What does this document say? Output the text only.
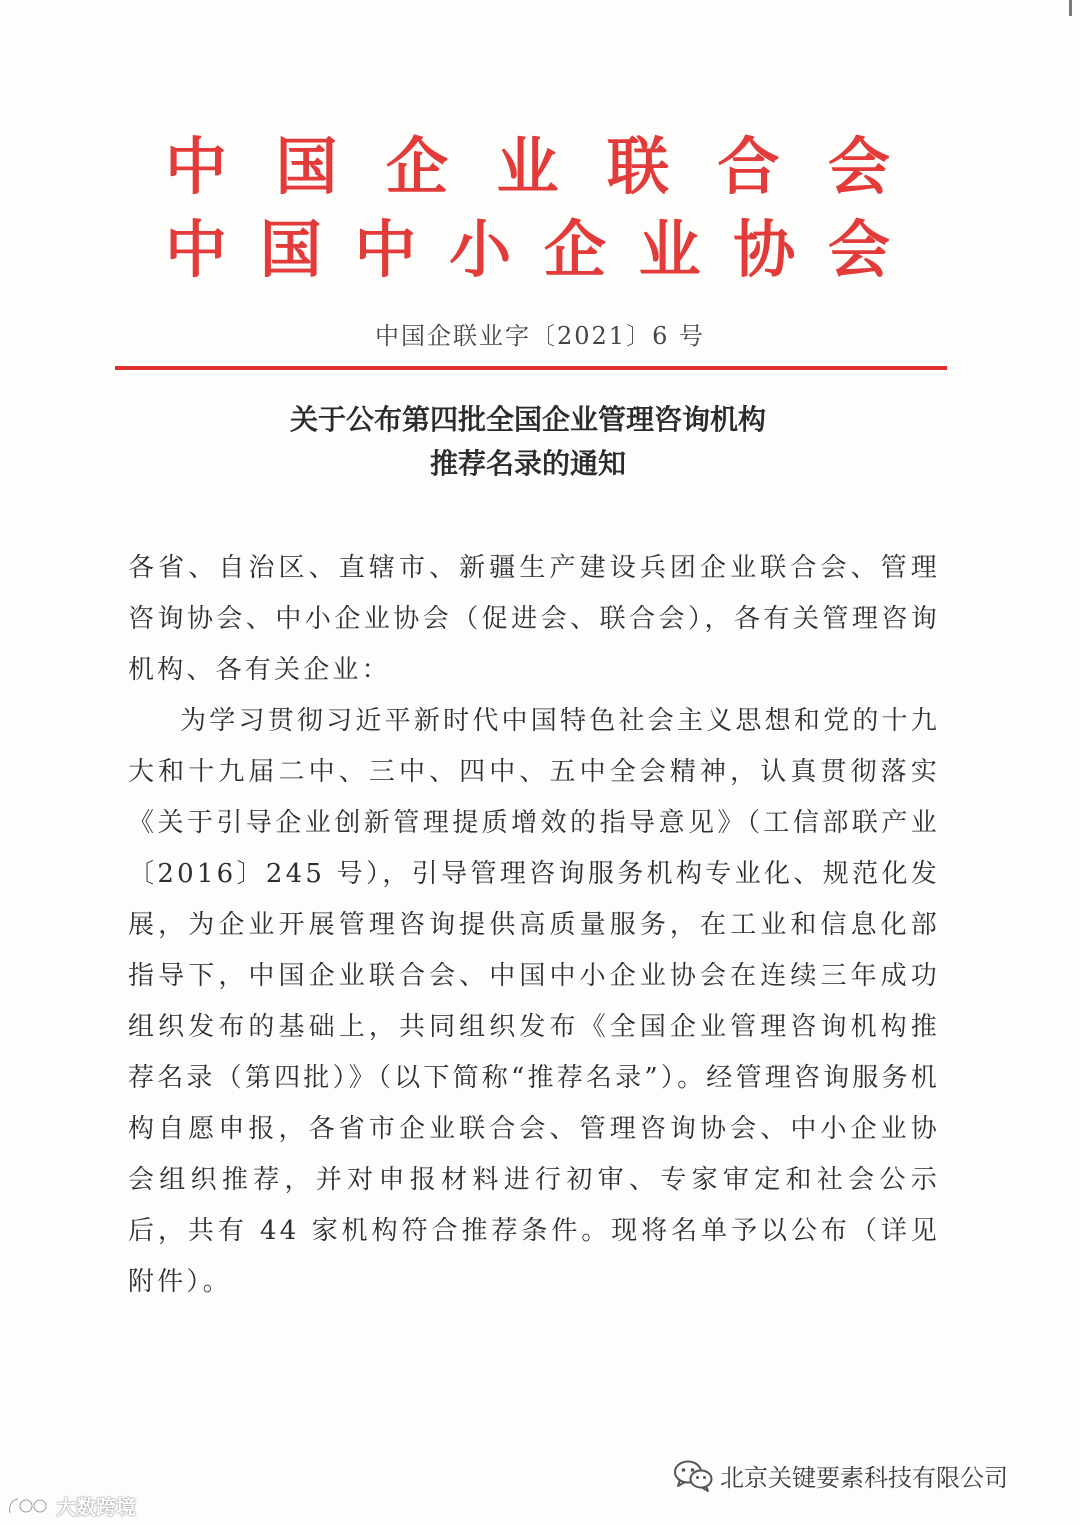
中 国 企 业 联 合 会
中 国 中 小 企 业 协 会
中国企联业字〔2021〕6 号
关于公布第四批全国企业管理咨询机构
推荐名录的通知

各省、自治区、直辖市、新疆生产建设兵团企业联合会、管理咨询协会、中小企业协会（促进会、联合会），各有关管理咨询机构、各有关企业：

为学习贯彻习近平新时代中国特色社会主义思想和党的十九大和十九届二中、三中、四中、五中全会精神，认真贯彻落实《关于引导企业创新管理提质增效的指导意见》（工信部联产业〔2016〕245 号），引导管理咨询服务机构专业化、规范化发展，为企业开展管理咨询提供高质量服务，在工业和信息化部指导下，中国企业联合会、中国中小企业协会在连续三年成功组织发布的基础上，共同组织发布《全国企业管理咨询机构推荐名录（第四批）》（以下简称“推荐名录”）。经管理咨询服务机构自愿申报，各省市企业联合会、管理咨询协会、中小企业协会组织推荐，并对申报材料进行初审、专家审定和社会公示后，共有 44 家机构符合推荐条件。现将名单予以公布（详见附件）。

北京关键要素科技有限公司
大数跨境
